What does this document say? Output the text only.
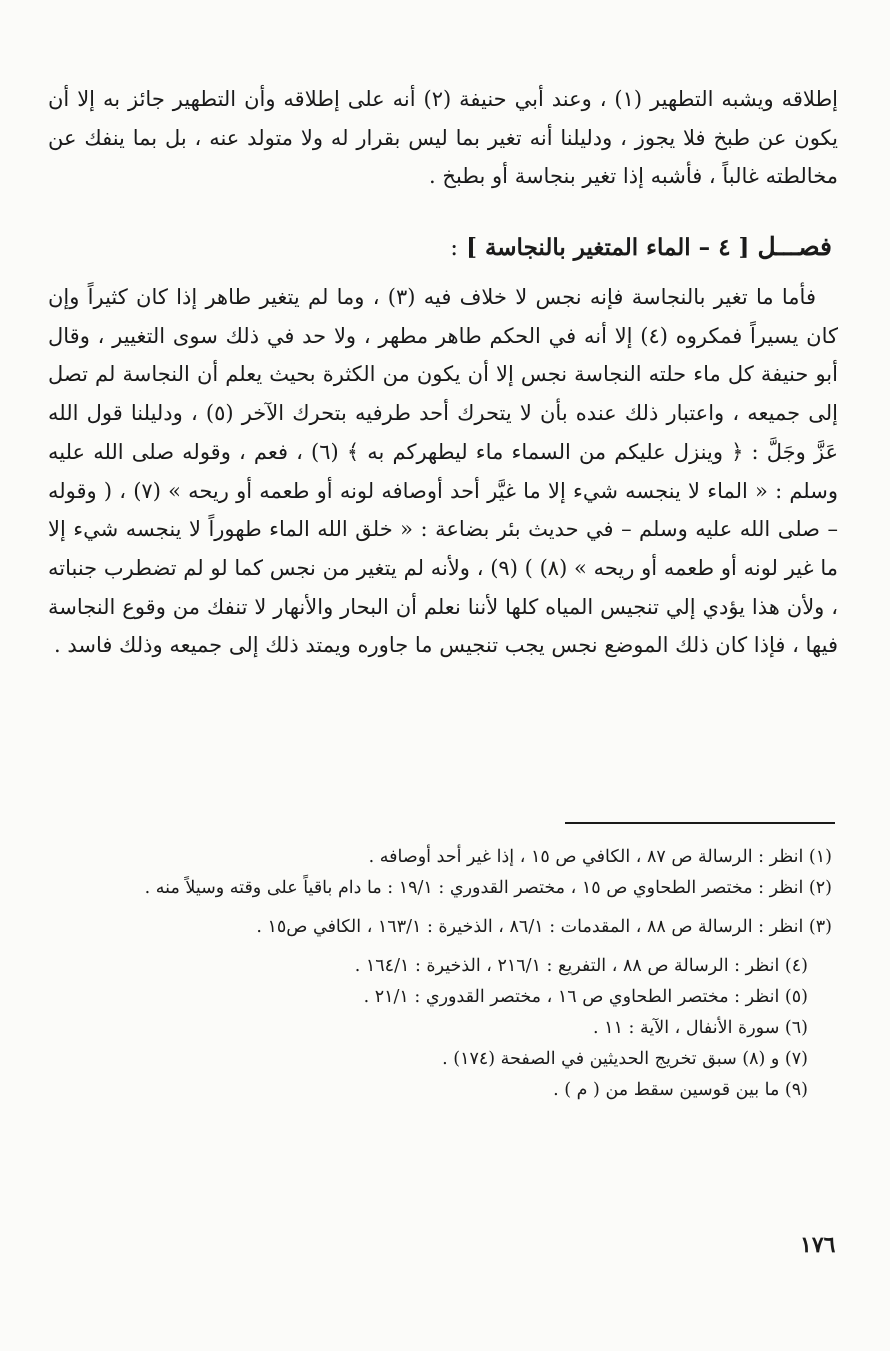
إطلاقه ويشبه التطهير (١) ، وعند أبي حنيفة (٢) أنه على إطلاقه وأن التطهير جائز به إلا أن يكون عن طبخ فلا يجوز ، ودليلنا أنه تغير بما ليس بقرار له ولا متولد عنه ، بل بما ينفك عن مخالطته غالباً ، فأشبه إذا تغير بنجاسة أو بطبخ .

فصـــل [ ٤ – الماء المتغير بالنجاسة ] :

فأما ما تغير بالنجاسة فإنه نجس لا خلاف فيه (٣) ، وما لم يتغير طاهر إذا كان كثيراً وإن كان يسيراً فمكروه (٤) إلا أنه في الحكم طاهر مطهر ، ولا حد في ذلك سوى التغيير ، وقال أبو حنيفة كل ماء حلته النجاسة نجس إلا أن يكون من الكثرة بحيث يعلم أن النجاسة لم تصل إلى جميعه ، واعتبار ذلك عنده بأن لا يتحرك أحد طرفيه بتحرك الآخر (٥) ، ودليلنا قول الله عَزَّ وجَلَّ : ﴿ وينزل عليكم من السماء ماء ليطهركم به ﴾ (٦) ، فعم ، وقوله صلى الله عليه وسلم : « الماء لا ينجسه شيء إلا ما غيَّر أحد أوصافه لونه أو طعمه أو ريحه » (٧) ، ( وقوله – صلى الله عليه وسلم – في حديث بئر بضاعة : « خلق الله الماء طهوراً لا ينجسه شيء إلا ما غير لونه أو طعمه أو ريحه » (٨) ) (٩) ، ولأنه لم يتغير من نجس كما لو لم تضطرب جنباته ، ولأن هذا يؤدي إلي تنجيس المياه كلها لأننا نعلم أن البحار والأنهار لا تنفك من وقوع النجاسة فيها ، فإذا كان ذلك الموضع نجس يجب تنجيس ما جاوره ويمتد ذلك إلى جميعه وذلك فاسد .

(١) انظر : الرسالة ص ٨٧ ، الكافي ص ١٥ ، إذا غير أحد أوصافه .

(٢) انظر : مختصر الطحاوي ص ١٥ ، مختصر القدوري : ١٩/١ : ما دام باقياً على وقته وسيلاً منه .

(٣) انظر : الرسالة ص ٨٨ ، المقدمات : ٨٦/١ ، الذخيرة : ١٦٣/١ ، الكافي ص١٥ .

(٤) انظر : الرسالة ص ٨٨ ، التفريع : ٢١٦/١ ، الذخيرة : ١٦٤/١ .

(٥) انظر : مختصر الطحاوي ص ١٦ ، مختصر القدوري : ٢١/١ .

(٦) سورة الأنفال ، الآية : ١١ .

(٧) و (٨) سبق تخريج الحديثين في الصفحة (١٧٤) .

(٩) ما بين قوسين سقط من ( م ) .

١٧٦
